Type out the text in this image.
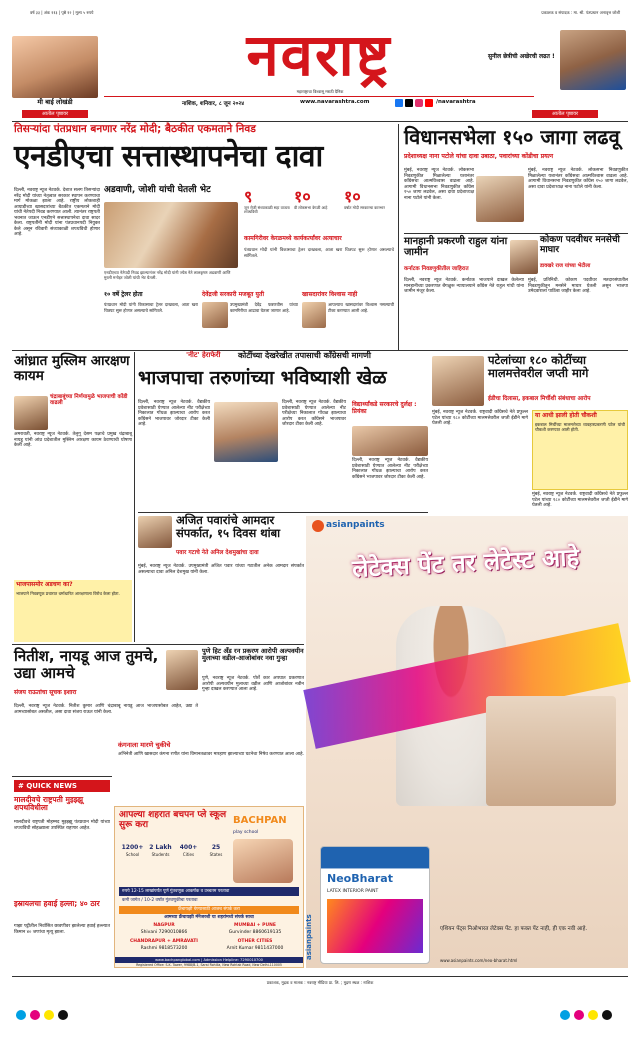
वर्ष ३३ | अंक ११३ | पृष्ठे १२ | मूल्य ५ रुपये	प्रकाशक व संपादक : मा. श्री. पंतप्रधान अनावृत्त जोशी
मी बाई लोखंडी
आतील पृष्ठावर
नवराष्ट्र
महाराष्ट्राचा विश्वासू मराठी दैनिक
नाशिक, शनिवार, ८ जून २०२४	www.navarashtra.com	/navarashtra
सुनील छेत्रीची अखेरची लढत !
आतील पृष्ठावर
तिसऱ्यांदा पंतप्रधान बनणार नरेंद्र मोदी; बैठकीत एकमताने निवड
एनडीएचा सत्तास्थापनेचा दावा
दिल्ली, नवराष्ट्र न्यूज नेटवर्क. देशात सलग तिसऱ्यांदा नरेंद्र मोदी यांच्या नेतृत्वात सरकार स्थापन करण्याचा मार्ग मोकळा झाला आहे. राष्ट्रीय लोकशाही आघाडीच्या खासदारांच्या बैठकीत एकमताने मोदी यांची नेतेपदी निवड करण्यात आली. त्यानंतर राष्ट्रपती भवनात जाऊन एनडीएने सत्तास्थापनेचा दावा सादर केला. राष्ट्रपतींनी मोदी यांना पंतप्रधानपदी नियुक्त केले असून रविवारी संध्याकाळी शपथविधी होणार आहे.
अडवाणी, जोशी यांची घेतली भेट
एनडीएच्या नेतेपदी निवड झाल्यानंतर नरेंद्र मोदी यांनी ज्येष्ठ नेते लालकृष्ण अडवाणी आणि मुरली मनोहर जोशी यांची भेट घेतली.
९
जून रोजी संध्याकाळी सहा वाजता शपथविधी
१०
वी लोकसभा वेगळी आहे
१०
वर्षात मोदी सरकारचा कारभार
कामगिरीवर केरळमध्ये कार्यकर्त्यांवर अत्याचार
पंतप्रधान मोदी यांनी विकासाचा ट्रेलर दाखवला, आता खरा चित्रपट सुरू होणार असल्याचे सांगितले.
१० वर्षे ट्रेलर होता
पंतप्रधान मोदी यांनी विकासाचा ट्रेलर दाखवला, आता खरा चित्रपट सुरू होणार असल्याचे सांगितले.
देवेंद्रजी सरकारी मजबूत युती
उपमुख्यमंत्री देवेंद्र फडणवीस यांच्या कामगिरीचा आढावा घेतला जाणार आहे.
खासदारांवर विश्वास नाही
आपल्याच खासदारांवर विश्वास नसल्याची टीका करण्यात आली आहे.
विधानसभेला १५० जागा लढवू
प्रदेशाध्यक्ष नाना पटोले यांचा दावा उबाठा, पवारांच्या कोंडीचा प्रयत्न
मुंबई, नवराष्ट्र न्यूज नेटवर्क. लोकसभा निवडणुकीत मिळालेल्या यशानंतर काँग्रेसचा आत्मविश्वास वाढला आहे. आगामी विधानसभा निवडणुकीत काँग्रेस १५० जागा लढवेल, असा दावा प्रदेशाध्यक्ष नाना पटोले यांनी केला.
मुंबई, नवराष्ट्र न्यूज नेटवर्क. लोकसभा निवडणुकीत मिळालेल्या यशानंतर काँग्रेसचा आत्मविश्वास वाढला आहे. आगामी विधानसभा निवडणुकीत काँग्रेस १५० जागा लढवेल, असा दावा प्रदेशाध्यक्ष नाना पटोले यांनी केला.
मानहानी प्रकरणी राहुल यांना जामीन
कर्नाटक निवडणुकीतील जाहिरात
दिल्ली, नवराष्ट्र न्यूज नेटवर्क. कर्नाटक भाजपाने दाखल केलेल्या मानहानीच्या प्रकरणात बेंगळुरू न्यायालयाने काँग्रेस नेते राहुल गांधी यांना जामीन मंजूर केला.
कोकण पदवीधर मनसेची माघार
डावखरे राज यांच्या भेटीला
मुंबई, प्रतिनिधी. कोकण पदवीधर मतदारसंघातील निवडणुकीतून मनसेने माघार घेतली असून भाजपा उमेदवाराला पाठिंबा जाहीर केला आहे.
'नीट' हेराफेरी	कोटींच्या देखरेखीत तपासाची काँग्रेसची मागणी
भाजपाचा तरुणांच्या भविष्याशी खेळ
दिल्ली, नवराष्ट्र न्यूज नेटवर्क. वैद्यकीय प्रवेशासाठी घेण्यात आलेल्या नीट परीक्षेच्या निकालात गोंधळ झाल्याचा आरोप करत काँग्रेसने भाजपावर जोरदार टीका केली आहे.
दिल्ली, नवराष्ट्र न्यूज नेटवर्क. वैद्यकीय प्रवेशासाठी घेण्यात आलेल्या नीट परीक्षेच्या निकालात गोंधळ झाल्याचा आरोप करत काँग्रेसने भाजपावर जोरदार टीका केली आहे.
विद्यार्थ्यांकडे सरकारचे दुर्लक्ष : प्रियंका
दिल्ली, नवराष्ट्र न्यूज नेटवर्क. वैद्यकीय प्रवेशासाठी घेण्यात आलेल्या नीट परीक्षेच्या निकालात गोंधळ झाल्याचा आरोप करत काँग्रेसने भाजपावर जोरदार टीका केली आहे.
पटेलांच्या १८० कोटींच्या मालमत्तेवरील जप्ती मागे
ईडीचा दिलासा, इकबाल मिर्चीशी संबंधाचा आरोप
मुंबई, नवराष्ट्र न्यूज नेटवर्क. राष्ट्रवादी काँग्रेसचे नेते प्रफुल्ल पटेल यांच्या १८० कोटींच्या मालमत्तेवरील जप्ती ईडीने मागे घेतली आहे.
या आधी झाली होती चौकशी
इकबाल मिर्चीच्या मालमत्तेच्या व्यवहारप्रकरणी पटेल यांची चौकशी करण्यात आली होती.
मुंबई, नवराष्ट्र न्यूज नेटवर्क. राष्ट्रवादी काँग्रेसचे नेते प्रफुल्ल पटेल यांच्या १८० कोटींच्या मालमत्तेवरील जप्ती ईडीने मागे घेतली आहे.
आंध्रात मुस्लिम आरक्षण कायम
चंद्राबाबूंच्या निर्णयामुळे भाजपाची कोंडी वाढली
अमरावती, नवराष्ट्र न्यूज नेटवर्क. तेलुगू देसम पक्षाचे प्रमुख चंद्राबाबू नायडू यांनी आंध्र प्रदेशातील मुस्लिम आरक्षण कायम ठेवण्याची घोषणा केली आहे.
भाजपासमोर अडचण का?
भाजपाने निवडणूक प्रचारात धर्माधारित आरक्षणाला विरोध केला होता.
अजित पवारांचे आमदार संपर्कात, १५ दिवस थांबा
पवार गटाचे नेते अनिल देशमुखांचा दावा
मुंबई, नवराष्ट्र न्यूज नेटवर्क. उपमुख्यमंत्री अजित पवार यांच्या गटातील अनेक आमदार संपर्कात असल्याचा दावा अनिल देशमुख यांनी केला.
asianpaints
लेटेक्स पेंट तर लेटेस्ट आहे
NeoBharat
LATEX INTERIOR PAINT
asianpaints	एशियन पेंट्स निओभारत लेटेक्स पेंट. हा फक्त पेंट नाही, ही एक नवी आहे.
www.asianpaints.com/neo-bharat.html
नितीश, नायडू आज तुमचे, उद्या आमचे
संजय राऊतांचा सूचक इशारा
दिल्ली, नवराष्ट्र न्यूज नेटवर्क. नितीश कुमार आणि चंद्राबाबू नायडू आज भाजपासोबत आहेत, उद्या ते आमच्यासोबत असतील, असा दावा संजय राऊत यांनी केला.
पुणे हिट अँड रन प्रकरण आरोपी अल्पवयीन मुलाच्या वडील-आजोबांवर नवा गुन्हा
पुणे, नवराष्ट्र न्यूज नेटवर्क. पोर्शे कार अपघात प्रकरणात आरोपी अल्पवयीन मुलाच्या वडील आणि आजोबांवर नवीन गुन्हा दाखल करण्यात आला आहे.
कंगनाला मारणे चुकीचे
अभिनेत्री आणि खासदार कंगना रणौत यांना विमानतळावर मारहाण झाल्याच्या घटनेचा निषेध करण्यात आला आहे.
# QUICK NEWS
मालदीवचे राष्ट्रपती मुइझ्झू शपथविधीला
मालदीवचे राष्ट्रपती मोहम्मद मुइझ्झू पंतप्रधान मोदी यांच्या शपथविधी सोहळ्याला उपस्थित राहणार आहेत.
इस्रायलचा हवाई हल्ला; ४० ठार
गाझा पट्टीतील निर्वासित छावणीवर झालेल्या हवाई हल्ल्यात किमान ४० जणांचा मृत्यू झाला.
आपल्या शहरात बचपन प्ले स्कूल सुरू करा	BACHPAN
play school
1200+
School
2 Lakh
Students
400+
Cities
25
States
रुपये 12-15 लाखांपर्यंत पूर्ण गुंतवणूक आकर्षक व उच्चतम परतावा
कमी जागेत / 10-2 वर्षांत गुंतवणुकीचा परतावा
फ्रँचायझी घेण्यासाठी आजच संपर्क करा
आमच्या फ्रँचायझी मॅनेजरशी या शहरांमध्ये संपर्क साधा
NAGPUR
Shivani 7290010866
MUMBAI + PUNE
Gurvinder 8860619135
CHANDRAPUR + AMRAVATI
Rashmi 9818573200
OTHER CITIES
Arnit Kumar 9811437000
www.bachpanglobal.com | Admission Helpline: 7290010700
Registered Office: S.K. Tower, 9988/B-1, Sarai Rohilla, New Rohtak Road, New Delhi-110005
प्रकाशक, मुद्रक व मालक : नवराष्ट्र मीडिया प्रा. लि. ; मुद्रण स्थळ : नाशिक
